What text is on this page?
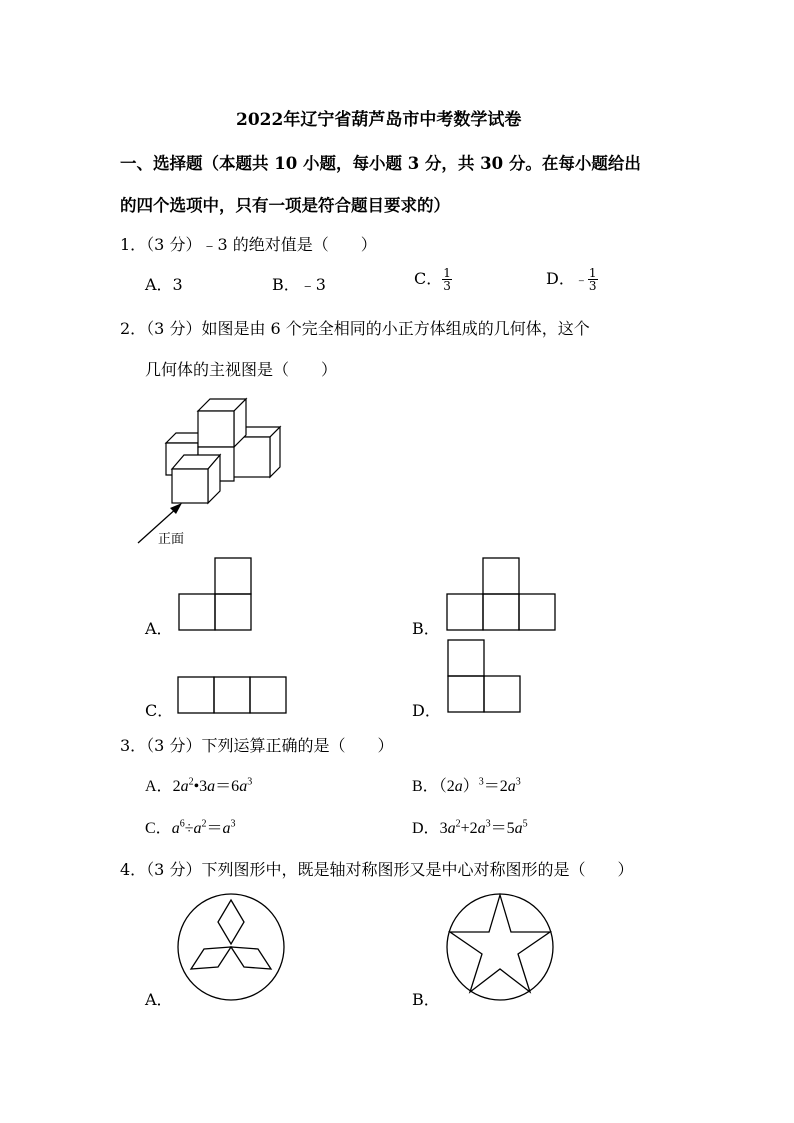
2022年辽宁省葫芦岛市中考数学试卷
一、选择题（本题共 10 小题，每小题 3 分，共 30 分。在每小题给出
的四个选项中，只有一项是符合题目要求的）
1．（3 分）﹣3 的绝对值是（　　）
A．3	B．﹣3	C． $\frac{1}{3}$	D．﹣ $\frac{1}{3}$
2．（3 分）如图是由 6 个完全相同的小正方体组成的几何体，这个
几何体的主视图是（　　）
正面
A．	B．
C．	D．
3．（3 分）下列运算正确的是（　　）
A．$2a^2•3a=6a^3$	B．$(2a)^3=2a^3$
C．$a^6\div a^2=a^3$	D．$3a^2+2a^3=5a^5$
4．（3 分）下列图形中，既是轴对称图形又是中心对称图形的是（　　）
A．	B．
